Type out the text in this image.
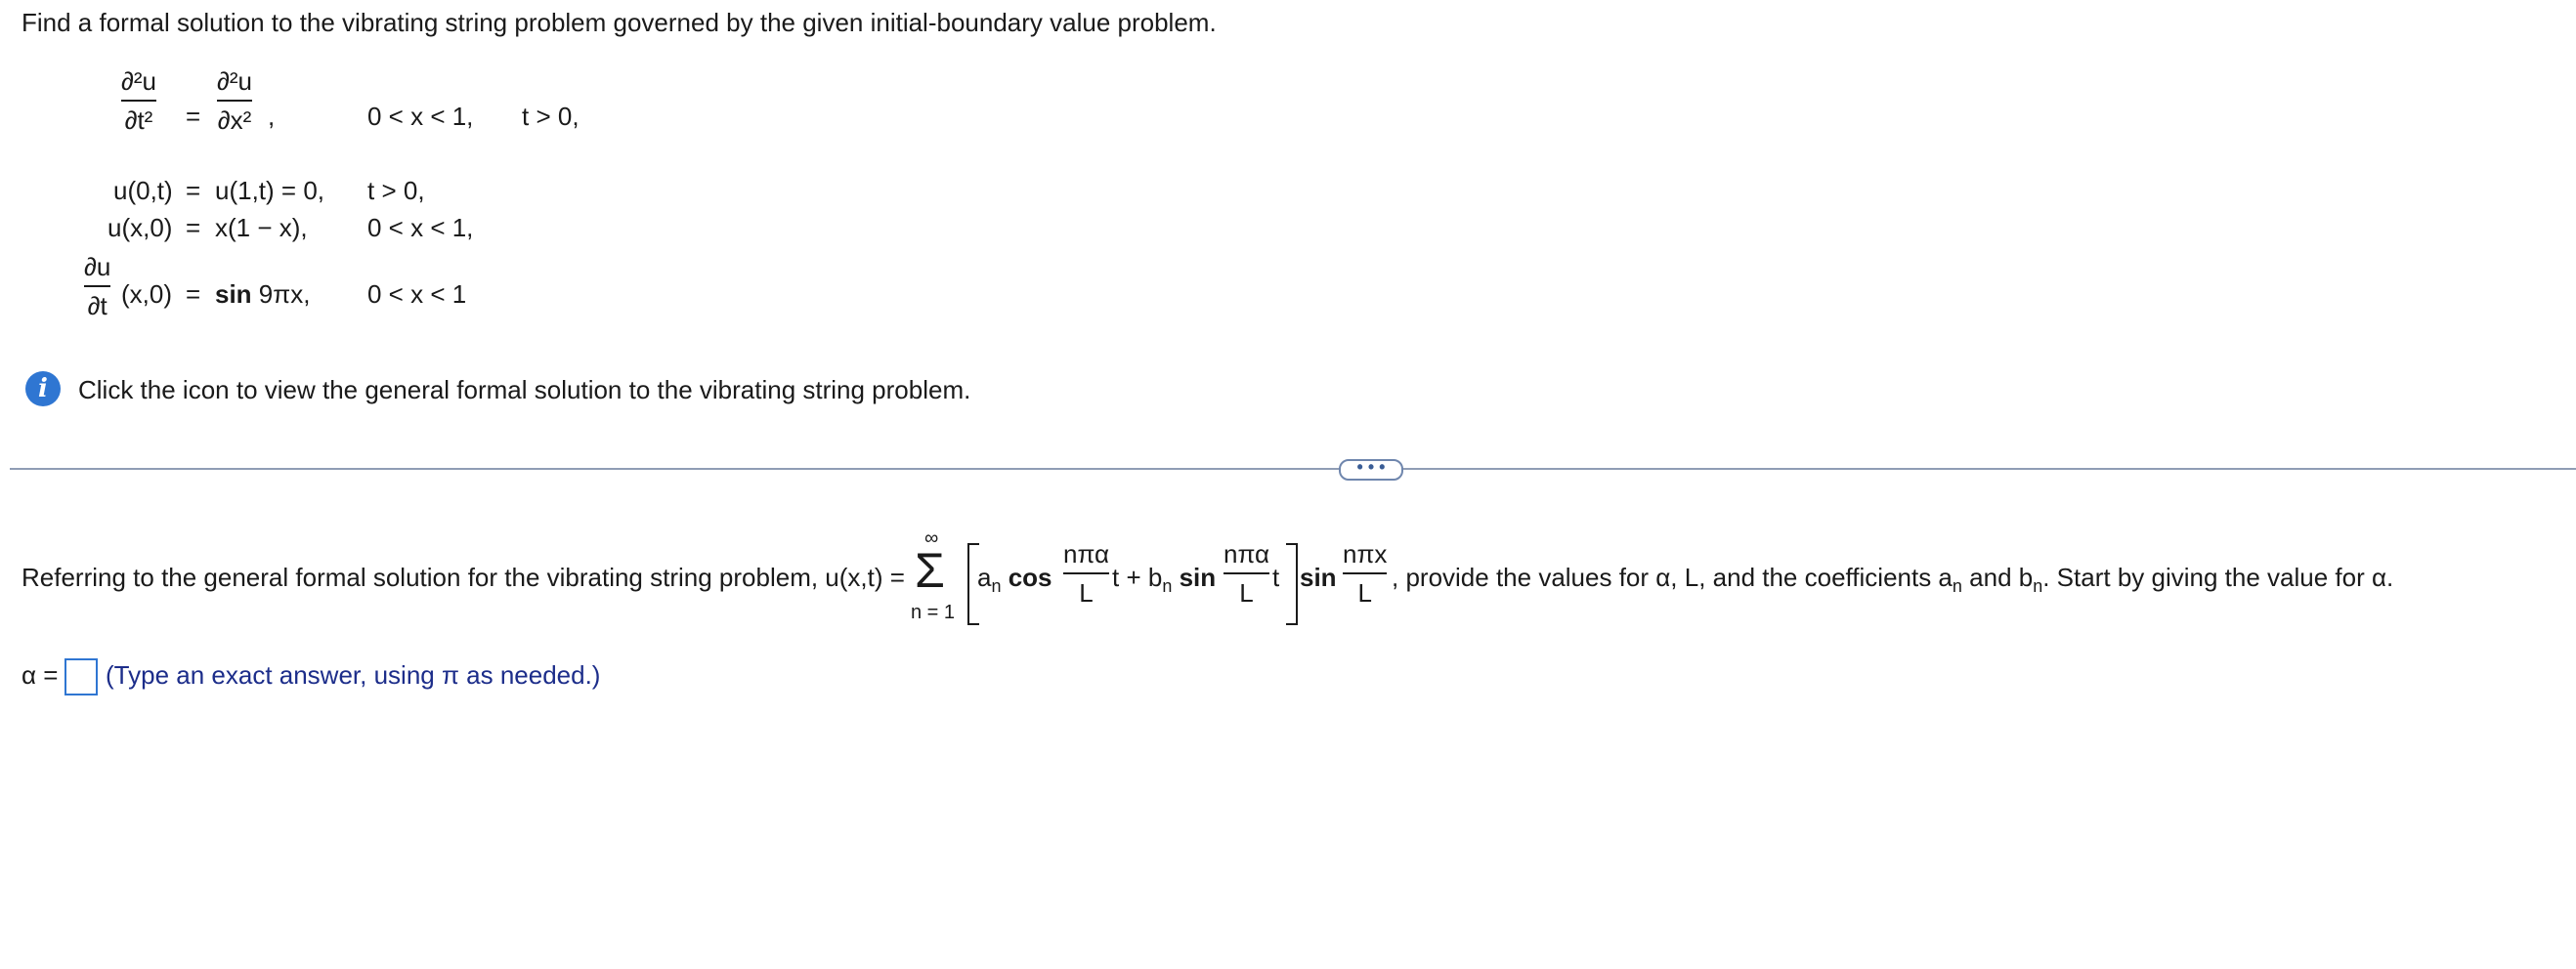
Find a formal solution to the vibrating string problem governed by the given initial-boundary value problem.
∂²u
∂t² =
∂²u
∂x² ,	0 < x < 1, t > 0,
u(0,t) = u(1,t) = 0, t > 0,
u(x,0) = x(1 − x), 0 < x < 1,
∂u
∂t (x,0) = sin 9πx, 0 < x < 1
i	Click the icon to view the general formal solution to the vibrating string problem.
• • •
Referring to the general formal solution for the vibrating string problem, u(x,t) =
∞
Σ
n = 1
$a_n$ cos
nπα
L
$t + b_n$ sin
nπα
L
t sin
nπx
L
, provide the values for α, L, and the coefficients $a_n$ and $b_n$. Start by giving the value for α.
α = (Type an exact answer, using π as needed.)
